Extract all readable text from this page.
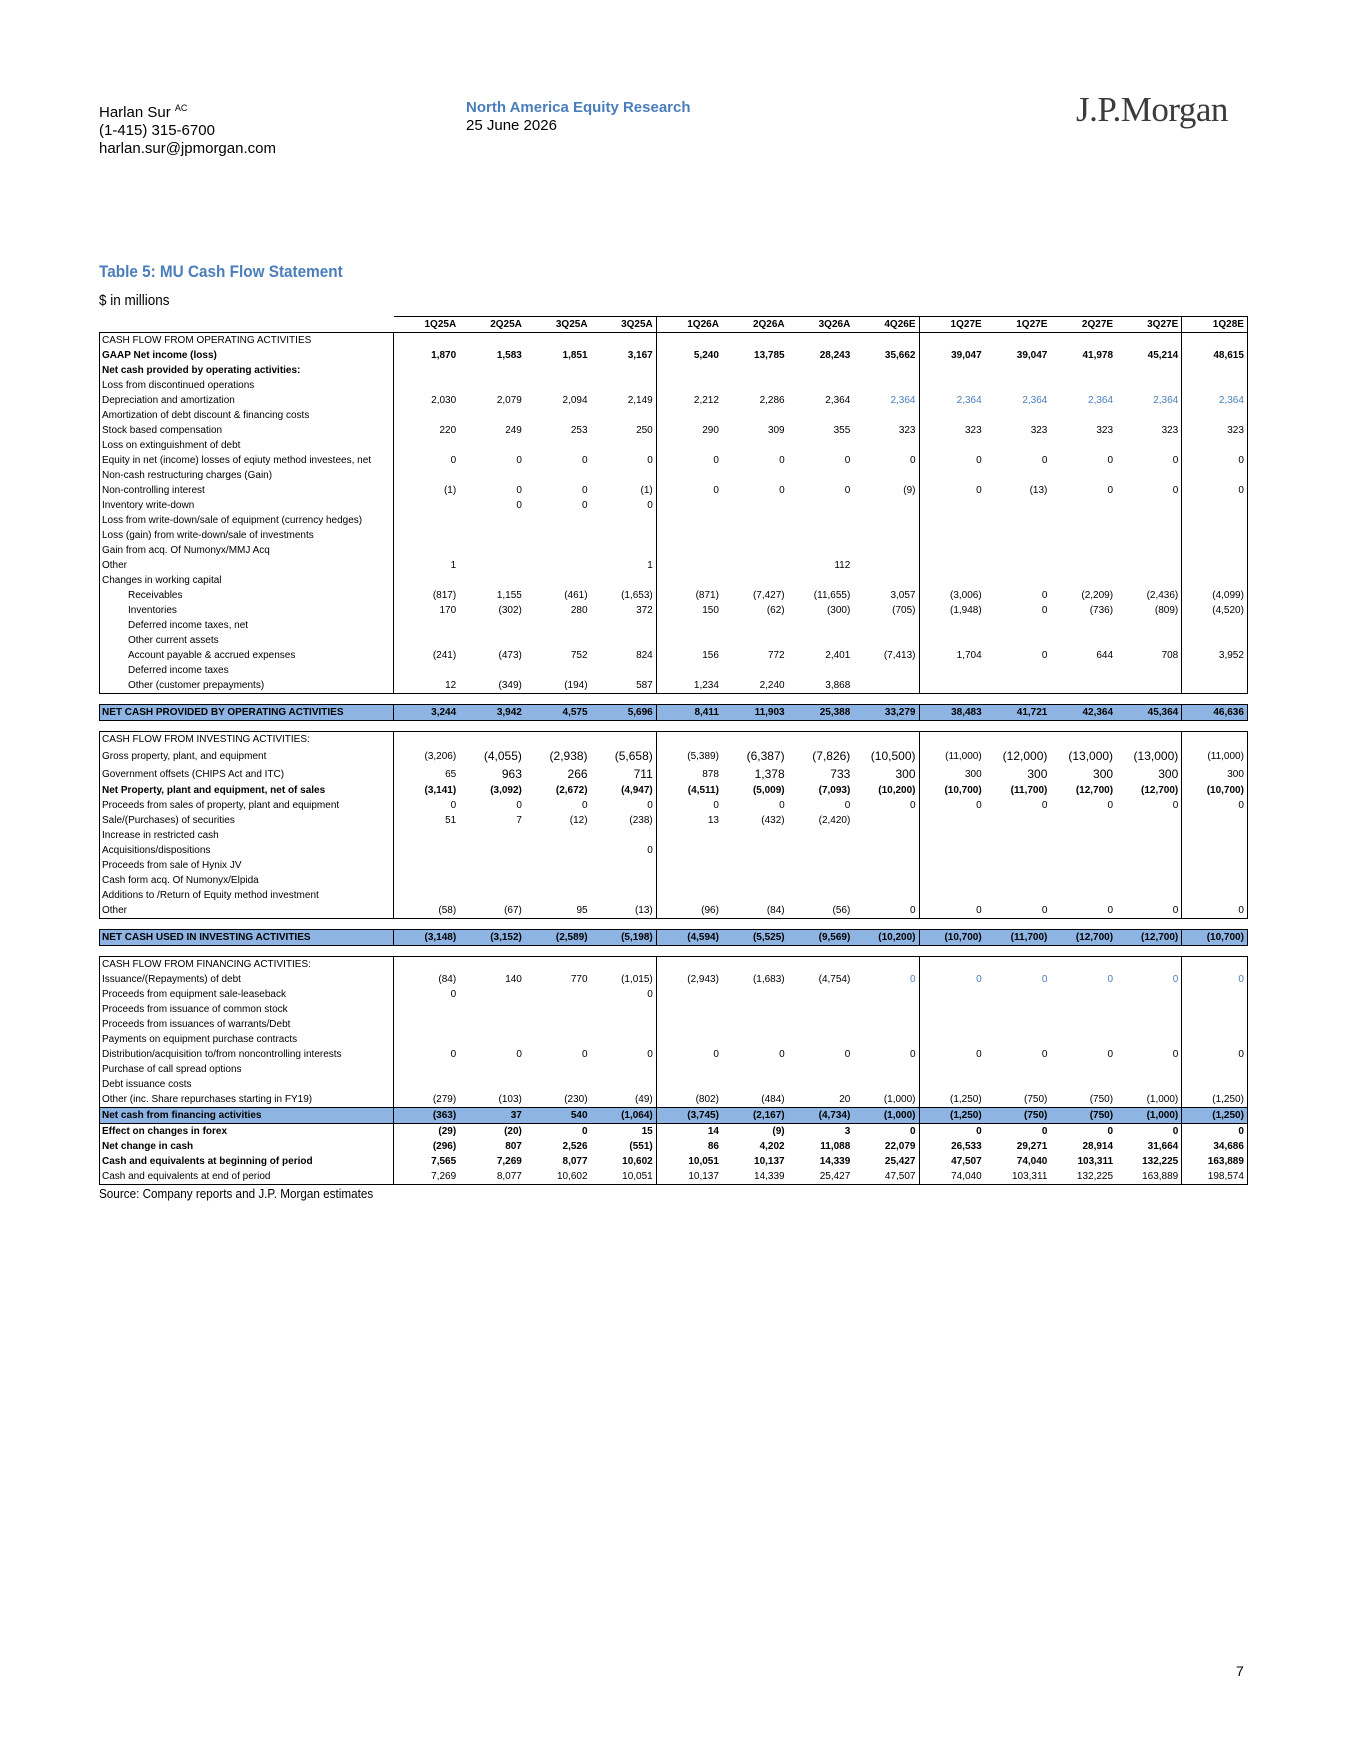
Harlan Sur $^{AC}$
(1-415) 315-6700
harlan.sur@jpmorgan.com
North America Equity Research
25 June 2026	J.P.Morgan
Table 5: MU Cash Flow Statement
$ in millions
	1Q25A	2Q25A	3Q25A	3Q25A	1Q26A	2Q26A	3Q26A	4Q26E	1Q27E	1Q27E	2Q27E	3Q27E	1Q28E
CASH FLOW FROM OPERATING ACTIVITIES													
GAAP Net income (loss)	1,870	1,583	1,851	3,167	5,240	13,785	28,243	35,662	39,047	39,047	41,978	45,214	48,615
Net cash provided by operating activities:													
Loss from discontinued operations													
Depreciation and amortization	2,030	2,079	2,094	2,149	2,212	2,286	2,364	2,364	2,364	2,364	2,364	2,364	2,364
Amortization of debt discount & financing costs													
Stock based compensation	220	249	253	250	290	309	355	323	323	323	323	323	323
Loss on extinguishment of debt													
Equity in net (income) losses of eqiuty method investees, net	0	0	0	0	0	0	0	0	0	0	0	0	0
Non-cash restructuring charges (Gain)													
Non-controlling interest	(1)	0	0	(1)	0	0	0	(9)	0	(13)	0	0	0
Inventory write-down		0	0	0									
Loss from write-down/sale of equipment (currency hedges)													
Loss (gain) from write-down/sale of investments													
Gain from acq. Of Numonyx/MMJ Acq													
Other	1			1			112						
Changes in working capital													
Receivables	(817)	1,155	(461)	(1,653)	(871)	(7,427)	(11,655)	3,057	(3,006)	0	(2,209)	(2,436)	(4,099)
Inventories	170	(302)	280	372	150	(62)	(300)	(705)	(1,948)	0	(736)	(809)	(4,520)
Deferred income taxes, net													
Other current assets													
Account payable & accrued expenses	(241)	(473)	752	824	156	772	2,401	(7,413)	1,704	0	644	708	3,952
Deferred income taxes													
Other (customer prepayments)	12	(349)	(194)	587	1,234	2,240	3,868						

NET CASH PROVIDED BY OPERATING ACTIVITIES	3,244	3,942	4,575	5,696	8,411	11,903	25,388	33,279	38,483	41,721	42,364	45,364	46,636

CASH FLOW FROM INVESTING ACTIVITIES:													
Gross property, plant, and equipment	(3,206)	(4,055)	(2,938)	(5,658)	(5,389)	(6,387)	(7,826)	(10,500)	(11,000)	(12,000)	(13,000)	(13,000)	(11,000)
Government offsets (CHIPS Act and ITC)	65	963	266	711	878	1,378	733	300	300	300	300	300	300
Net Property, plant and equipment, net of sales	(3,141)	(3,092)	(2,672)	(4,947)	(4,511)	(5,009)	(7,093)	(10,200)	(10,700)	(11,700)	(12,700)	(12,700)	(10,700)
Proceeds from sales of property, plant and equipment	0	0	0	0	0	0	0	0	0	0	0	0	0
Sale/(Purchases) of securities	51	7	(12)	(238)	13	(432)	(2,420)						
Increase in restricted cash													
Acquisitions/dispositions				0									
Proceeds from sale of Hynix JV													
Cash form acq. Of Numonyx/Elpida													
Additions to /Return of Equity method investment													
Other	(58)	(67)	95	(13)	(96)	(84)	(56)	0	0	0	0	0	0

NET CASH USED IN INVESTING ACTIVITIES	(3,148)	(3,152)	(2,589)	(5,198)	(4,594)	(5,525)	(9,569)	(10,200)	(10,700)	(11,700)	(12,700)	(12,700)	(10,700)

CASH FLOW FROM FINANCING ACTIVITIES:													
Issuance/(Repayments) of debt	(84)	140	770	(1,015)	(2,943)	(1,683)	(4,754)	0	0	0	0	0	0
Proceeds from equipment sale-leaseback	0			0									
Proceeds from issuance of common stock													
Proceeds from issuances of warrants/Debt													
Payments on equipment purchase contracts													
Distribution/acquisition to/from noncontrolling interests	0	0	0	0	0	0	0	0	0	0	0	0	0
Purchase of call spread options													
Debt issuance costs													
Other (inc. Share repurchases starting in FY19)	(279)	(103)	(230)	(49)	(802)	(484)	20	(1,000)	(1,250)	(750)	(750)	(1,000)	(1,250)
Net cash from financing activities	(363)	37	540	(1,064)	(3,745)	(2,167)	(4,734)	(1,000)	(1,250)	(750)	(750)	(1,000)	(1,250)
Effect on changes in forex	(29)	(20)	0	15	14	(9)	3	0	0	0	0	0	0
Net change in cash	(296)	807	2,526	(551)	86	4,202	11,088	22,079	26,533	29,271	28,914	31,664	34,686
Cash and equivalents at beginning of period	7,565	7,269	8,077	10,602	10,051	10,137	14,339	25,427	47,507	74,040	103,311	132,225	163,889
Cash and equivalents at end of period	7,269	8,077	10,602	10,051	10,137	14,339	25,427	47,507	74,040	103,311	132,225	163,889	198,574
Source: Company reports and J.P. Morgan estimates
7
